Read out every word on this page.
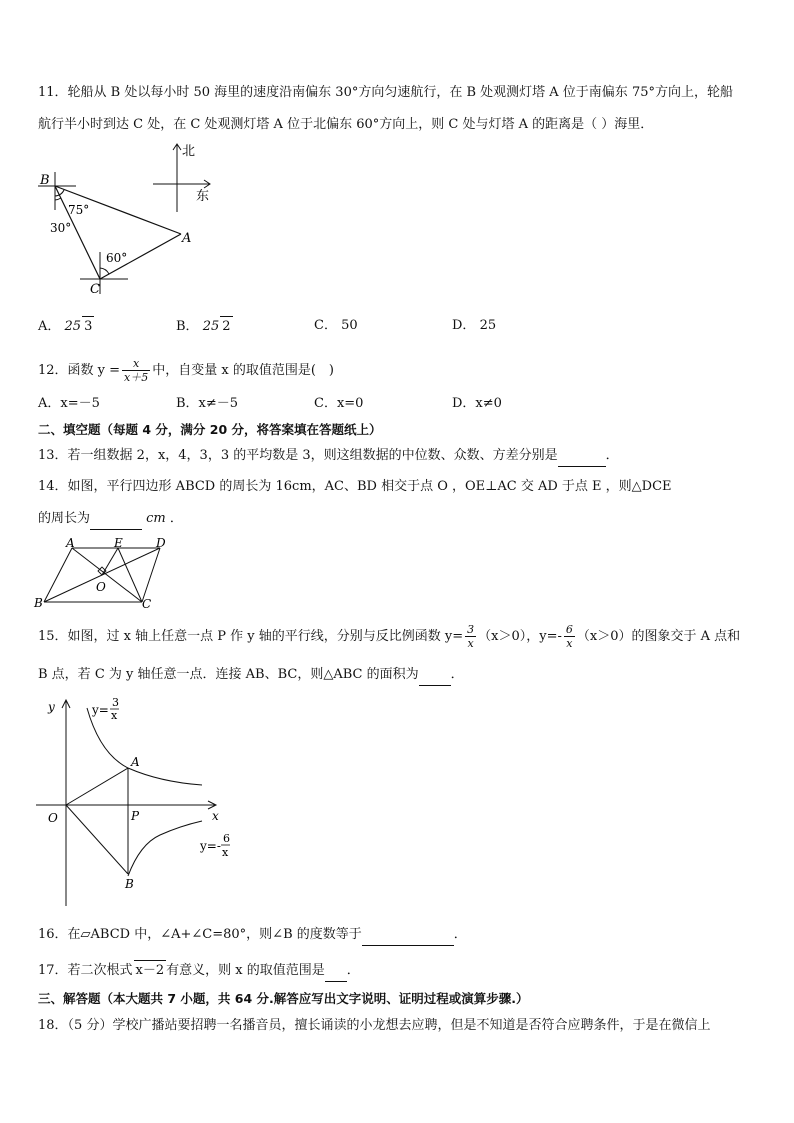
11．轮船从 B 处以每小时 50 海里的速度沿南偏东 30°方向匀速航行，在 B 处观测灯塔 A 位于南偏东 75°方向上，轮船
航行半小时到达 C 处，在 C 处观测灯塔 A 位于北偏东 60°方向上，则 C 处与灯塔 A 的距离是（ ）海里．
B
C
A
75°
30°
60°
北
东
A． 25 3	B． 25 2	C． 50	D． 25
12．函数 $y = \frac{x}{x+5}$ 中，自变量 x 的取值范围是(　)
A．x=－5	B．x≠－5	C．x=0	D．x≠0
二、填空题（每题 4 分，满分 20 分，将答案填在答题纸上）
13．若一组数据 2，x，4，3，3 的平均数是 3，则这组数据的中位数、众数、方差分别是	．
14．如图，平行四边形 ABCD 的周长为 16cm，AC、BD 相交于点 O ，OE⊥AC 交 AD 于点 E ，则△DCE
的周长为	cm ．
A	E	D
O
B	C
15．如图，过 x 轴上任意一点 P 作 y 轴的平行线，分别与反比例函数 $y= \frac{3}{x} (x>0)$，$y=- \frac{6}{x} (x>0)$的图象交于 A 点和
B 点，若 C 为 y 轴任意一点．连接 AB、BC，则△ABC 的面积为 ．
y
x
O
A
P
B
y=
3
x
y=-
6
x
16．在▱ABCD 中，∠A+∠C=80°，则∠B 的度数等于	．
17．若二次根式 x－2 有意义，则 x 的取值范围是 ．
三、解答题（本大题共 7 小题，共 64 分.解答应写出文字说明、证明过程或演算步骤.）
18．（5 分）学校广播站要招聘一名播音员，擅长诵读的小龙想去应聘，但是不知道是否符合应聘条件，于是在微信上
